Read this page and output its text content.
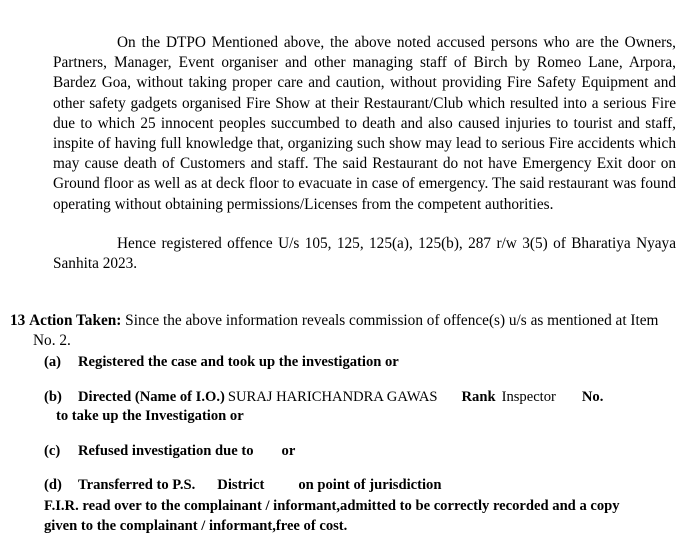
On the DTPO Mentioned above, the above noted accused persons who are the Owners, Partners, Manager, Event organiser and other managing staff of Birch by Romeo Lane, Arpora, Bardez Goa, without taking proper care and caution, without providing Fire Safety Equipment and other safety gadgets organised Fire Show at their Restaurant/Club which resulted into a serious Fire due to which 25 innocent peoples succumbed to death and also caused injuries to tourist and staff, inspite of having full knowledge that, organizing such show may lead to serious Fire accidents which may cause death of Customers and staff. The said Restaurant do not have Emergency Exit door on Ground floor as well as at deck floor to evacuate in case of emergency. The said restaurant was found operating without obtaining permissions/Licenses from the competent authorities.

Hence registered offence U/s 105, 125, 125(a), 125(b), 287 r/w 3(5) of Bharatiya Nyaya Sanhita 2023.

13 Action Taken: Since the above information reveals commission of offence(s) u/s as mentioned at Item No. 2.

(a)	Registered the case and took up the investigation or
(b)	Directed (Name of I.O.) SURAJ HARICHANDRA GAWAS Rank Inspector No.
to take up the Investigation or
(c)	Refused investigation due to or
(d)	Transferred to P.S. District on point of jurisdiction
F.I.R. read over to the complainant / informant,admitted to be correctly recorded and a copy
given to the complainant / informant,free of cost.
